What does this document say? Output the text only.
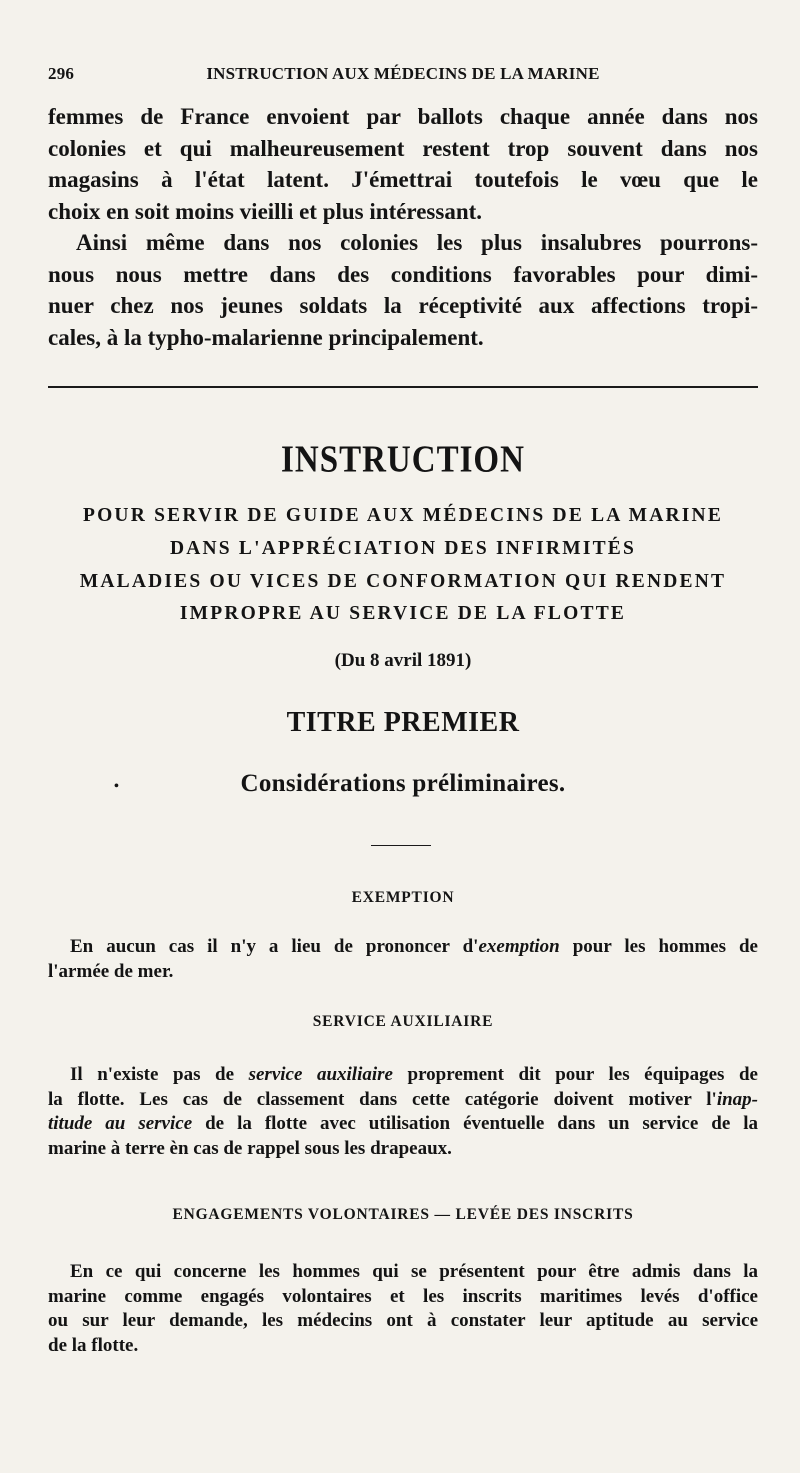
296	INSTRUCTION AUX MÉDECINS DE LA MARINE

femmes de France envoient par ballots chaque année dans nos
colonies et qui malheureusement restent trop souvent dans nos
magasins à l'état latent. J'émettrai toutefois le vœu que le
choix en soit moins vieilli et plus intéressant.
Ainsi même dans nos colonies les plus insalubres pourrons-
nous nous mettre dans des conditions favorables pour dimi-
nuer chez nos jeunes soldats la réceptivité aux affections tropi-
cales, à la typho-malarienne principalement.

INSTRUCTION

POUR SERVIR DE GUIDE AUX MÉDECINS DE LA MARINE

DANS L'APPRÉCIATION DES INFIRMITÉS

MALADIES OU VICES DE CONFORMATION QUI RENDENT

IMPROPRE AU SERVICE DE LA FLOTTE

(Du 8 avril 1891)

TITRE PREMIER

•	Considérations préliminaires.

EXEMPTION

En aucun cas il n'y a lieu de prononcer d'exemption pour les hommes de
l'armée de mer.

SERVICE AUXILIAIRE

Il n'existe pas de service auxiliaire proprement dit pour les équipages de
la flotte. Les cas de classement dans cette catégorie doivent motiver l'inap-
titude au service de la flotte avec utilisation éventuelle dans un service de la
marine à terre èn cas de rappel sous les drapeaux.

ENGAGEMENTS VOLONTAIRES — LEVÉE DES INSCRITS

En ce qui concerne les hommes qui se présentent pour être admis dans la
marine comme engagés volontaires et les inscrits maritimes levés d'office
ou sur leur demande, les médecins ont à constater leur aptitude au service
de la flotte.
